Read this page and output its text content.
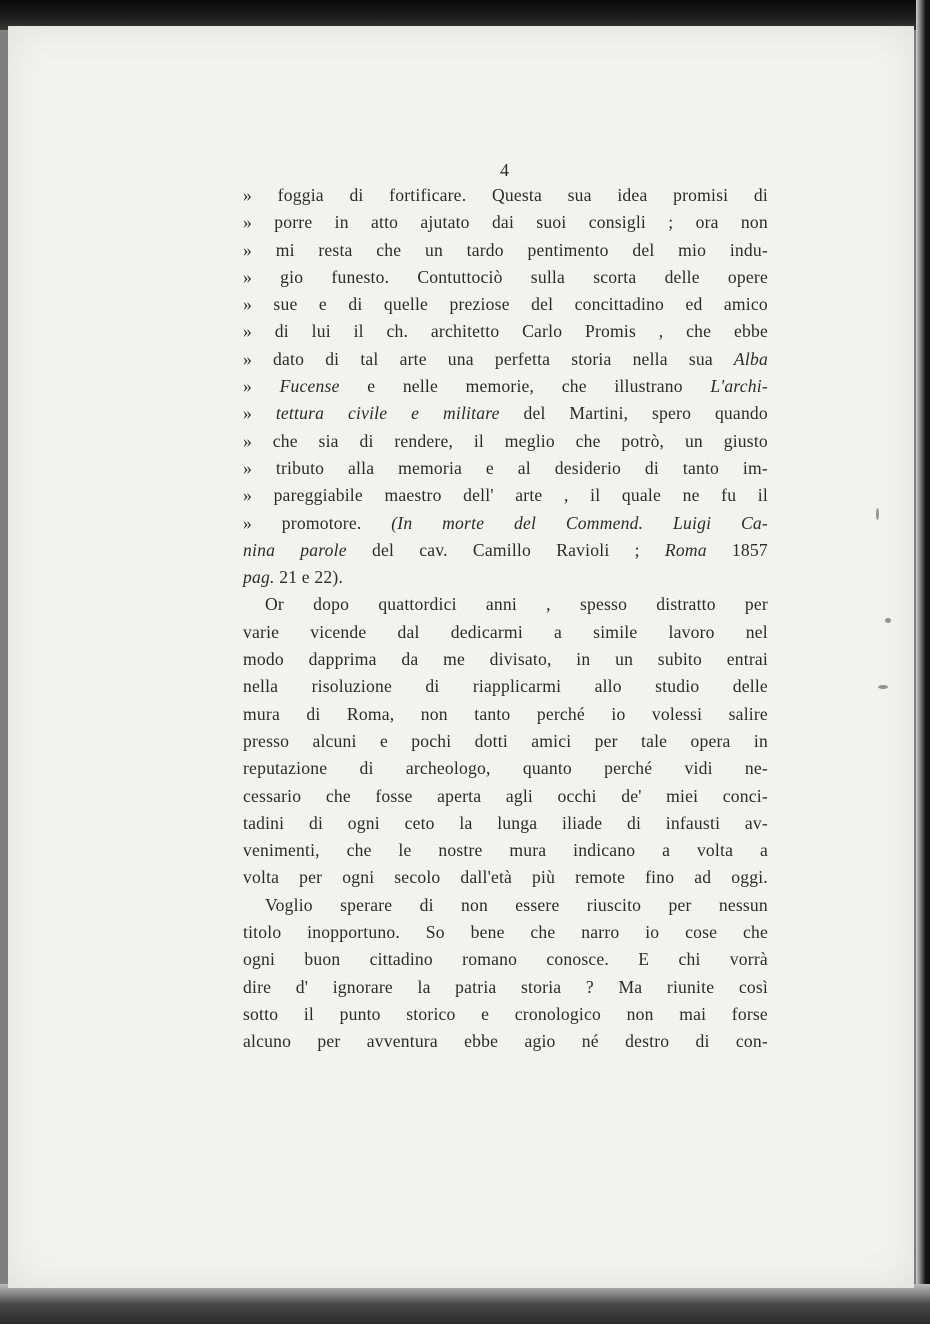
4
» foggia di fortificare. Questa sua idea promisi di
» porre in atto ajutato dai suoi consigli ; ora non
» mi resta che un tardo pentimento del mio indu-
» gio funesto. Contuttociò sulla scorta delle opere
» sue e di quelle preziose del concittadino ed amico
» di lui il ch. architetto Carlo Promis , che ebbe
» dato di tal arte una perfetta storia nella sua Alba
» Fucense e nelle memorie, che illustrano L'archi-
» tettura civile e militare del Martini, spero quando
» che sia di rendere, il meglio che potrò, un giusto
» tributo alla memoria e al desiderio di tanto im-
» pareggiabile maestro dell' arte , il quale ne fu il
» promotore. (In morte del Commend. Luigi Ca-
nina parole del cav. Camillo Ravioli ; Roma 1857
pag. 21 e 22).
Or dopo quattordici anni , spesso distratto per
varie vicende dal dedicarmi a simile lavoro nel
modo dapprima da me divisato, in un subito entrai
nella risoluzione di riapplicarmi allo studio delle
mura di Roma, non tanto perché io volessi salire
presso alcuni e pochi dotti amici per tale opera in
reputazione di archeologo, quanto perché vidi ne-
cessario che fosse aperta agli occhi de' miei conci-
tadini di ogni ceto la lunga iliade di infausti av-
venimenti, che le nostre mura indicano a volta a
volta per ogni secolo dall'età più remote fino ad oggi.
Voglio sperare di non essere riuscito per nessun
titolo inopportuno. So bene che narro io cose che
ogni buon cittadino romano conosce. E chi vorrà
dire d' ignorare la patria storia ? Ma riunite così
sotto il punto storico e cronologico non mai forse
alcuno per avventura ebbe agio né destro di con-
